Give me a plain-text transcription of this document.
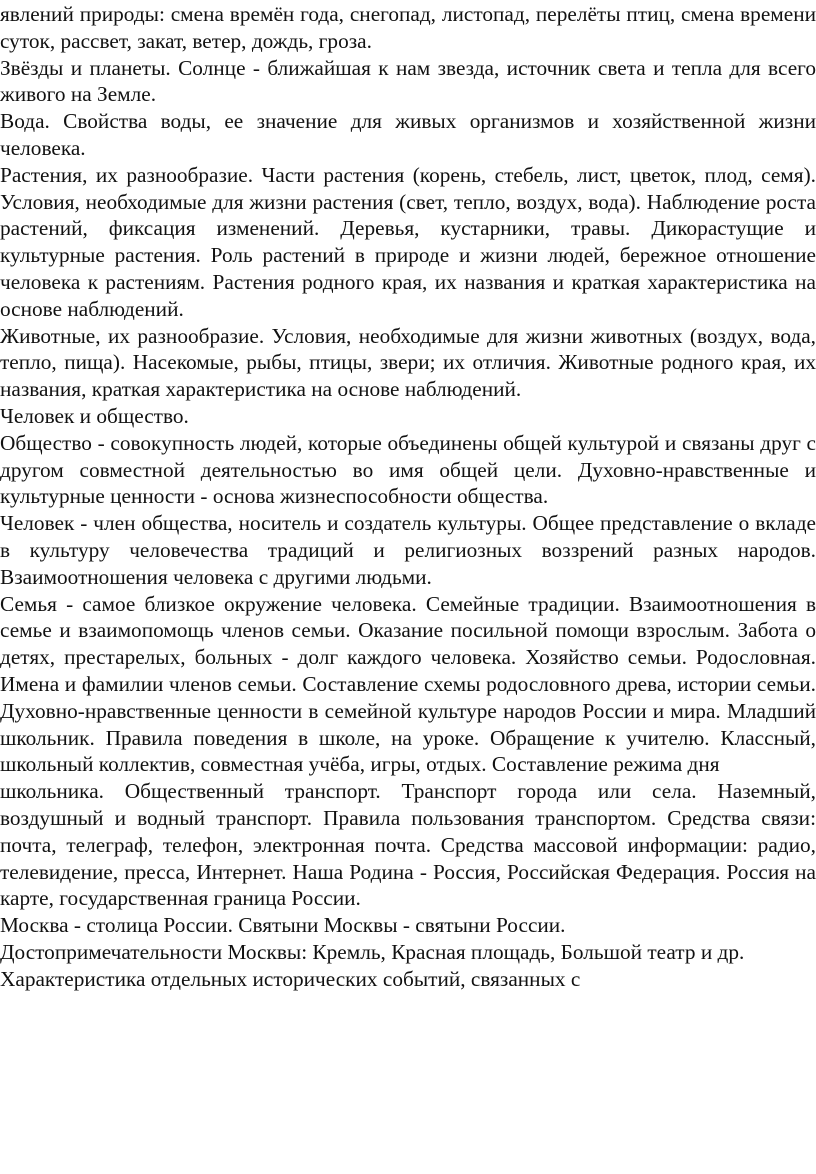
явлений природы: смена времён года, снегопад, листопад, перелёты птиц, смена времени суток, рассвет, закат, ветер, дождь, гроза.

Звёзды и планеты. Солнце - ближайшая к нам звезда, источник света и тепла для всего живого на Земле.

Вода. Свойства воды, ее значение для живых организмов и хозяйственной жизни человека.

Растения, их разнообразие. Части растения (корень, стебель, лист, цветок, плод, семя). Условия, необходимые для жизни растения (свет, тепло, воздух, вода). Наблюдение роста растений, фиксация изменений. Деревья, кустарники, травы. Дикорастущие и культурные растения. Роль растений в природе и жизни людей, бережное отношение человека к растениям. Растения родного края, их названия и краткая характеристика на основе наблюдений.

Животные, их разнообразие. Условия, необходимые для жизни животных (воздух, вода, тепло, пища). Насекомые, рыбы, птицы, звери; их отличия. Животные родного края, их названия, краткая характеристика на основе наблюдений.

Человек и общество.

Общество - совокупность людей, которые объединены общей культурой и связаны друг с другом совместной деятельностью во имя общей цели. Духовно-нравственные и культурные ценности - основа жизнеспособности общества.

Человек - член общества, носитель и создатель культуры. Общее представление о вкладе в культуру человечества традиций и религиозных воззрений разных народов. Взаимоотношения человека с другими людьми.

Семья - самое близкое окружение человека. Семейные традиции. Взаимоотношения в семье и взаимопомощь членов семьи. Оказание посильной помощи взрослым. Забота о детях, престарелых, больных - долг каждого человека. Хозяйство семьи. Родословная. Имена и фамилии членов семьи. Составление схемы родословного древа, истории семьи. Духовно-нравственные ценности в семейной культуре народов России и мира. Младший школьник. Правила поведения в школе, на уроке. Обращение к учителю. Классный, школьный коллектив, совместная учёба, игры, отдых. Составление режима дня

школьника. Общественный транспорт. Транспорт города или села. Наземный, воздушный и водный транспорт. Правила пользования транспортом. Средства связи: почта, телеграф, телефон, электронная почта. Средства массовой информации: радио, телевидение, пресса, Интернет. Наша Родина - Россия, Российская Федерация. Россия на карте, государственная граница России.

Москва - столица России. Святыни Москвы - святыни России.

Достопримечательности Москвы: Кремль, Красная площадь, Большой театр и др. Характеристика отдельных исторических событий, связанных с
